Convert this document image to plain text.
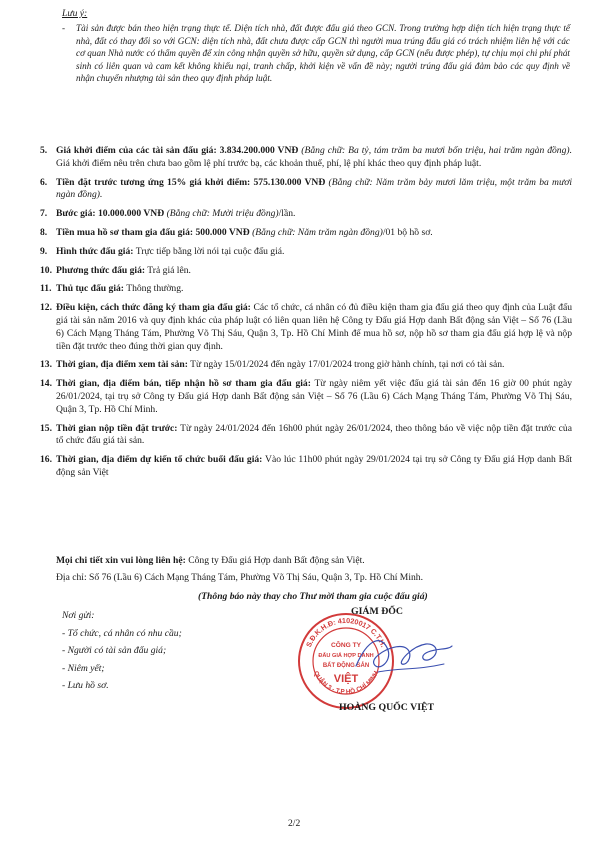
Lưu ý:
-	Tài sản được bán theo hiện trạng thực tế. Diện tích nhà, đất được đấu giá theo GCN. Trong trường hợp diện tích hiện trạng thực tế nhà, đất có thay đổi so với GCN: diện tích nhà, đất chưa được cấp GCN thì người mua trúng đấu giá có trách nhiệm liên hệ với các cơ quan Nhà nước có thẩm quyền để xin công nhận quyền sở hữu, quyền sử dụng, cấp GCN (nếu được phép), tự chịu mọi chi phí phát sinh có liên quan và cam kết không khiếu nại, tranh chấp, khởi kiện về vấn đề này; người trúng đấu giá đảm bảo các quy định về nhận chuyển nhượng tài sản theo quy định pháp luật.
5. Giá khởi điểm của các tài sản đấu giá: 3.834.200.000 VNĐ (Bằng chữ: Ba tỷ, tám trăm ba mươi bốn triệu, hai trăm ngàn đồng). Giá khởi điểm nêu trên chưa bao gồm lệ phí trước bạ, các khoản thuế, phí, lệ phí khác theo quy định pháp luật.
6. Tiền đặt trước tương ứng 15% giá khởi điểm: 575.130.000 VNĐ (Bằng chữ: Năm trăm bảy mươi lăm triệu, một trăm ba mươi ngàn đồng).
7. Bước giá: 10.000.000 VNĐ (Bằng chữ: Mười triệu đồng)/lần.
8. Tiền mua hồ sơ tham gia đấu giá: 500.000 VNĐ (Bằng chữ: Năm trăm ngàn đồng)/01 bộ hồ sơ.
9. Hình thức đấu giá: Trực tiếp bằng lời nói tại cuộc đấu giá.
10. Phương thức đấu giá: Trả giá lên.
11. Thủ tục đấu giá: Thông thường.
12. Điều kiện, cách thức đăng ký tham gia đấu giá: Các tổ chức, cá nhân có đủ điều kiện tham gia đấu giá theo quy định của Luật đấu giá tài sản năm 2016 và quy định khác của pháp luật có liên quan liên hệ Công ty Đấu giá Hợp danh Bất động sản Việt – Số 76 (Lầu 6) Cách Mạng Tháng Tám, Phường Võ Thị Sáu, Quận 3, Tp. Hồ Chí Minh để mua hồ sơ, nộp hồ sơ tham gia đấu giá hợp lệ và nộp tiền đặt trước theo đúng thời gian quy định.
13. Thời gian, địa điểm xem tài sản: Từ ngày 15/01/2024 đến ngày 17/01/2024 trong giờ hành chính, tại nơi có tài sản.
14. Thời gian, địa điểm bán, tiếp nhận hồ sơ tham gia đấu giá: Từ ngày niêm yết việc đấu giá tài sản đến 16 giờ 00 phút ngày 26/01/2024, tại trụ sở Công ty Đấu giá Hợp danh Bất động sản Việt – Số 76 (Lầu 6) Cách Mạng Tháng Tám, Phường Võ Thị Sáu, Quận 3, Tp. Hồ Chí Minh.
15. Thời gian nộp tiền đặt trước: Từ ngày 24/01/2024 đến 16h00 phút ngày 26/01/2024, theo thông báo về việc nộp tiền đặt trước của tổ chức đấu giá tài sản.
16. Thời gian, địa điểm dự kiến tổ chức buổi đấu giá: Vào lúc 11h00 phút ngày 29/01/2024 tại trụ sở Công ty Đấu giá Hợp danh Bất động sản Việt
Mọi chi tiết xin vui lòng liên hệ: Công ty Đấu giá Hợp danh Bất động sản Việt.
Địa chỉ: Số 76 (Lầu 6) Cách Mạng Tháng Tám, Phường Võ Thị Sáu, Quận 3, Tp. Hồ Chí Minh.
(Thông báo này thay cho Thư mời tham gia cuộc đấu giá)
Nơi gửi:
- Tổ chức, cá nhân có nhu cầu;
- Người có tài sản đấu giá;
- Niêm yết;
- Lưu hồ sơ.
S.Đ.K.H.Đ: 41020017 C.T.H.
QUẬN 3 - T.P HỒ CHÍ MINH
CÔNG TY
ĐẤU GIÁ HỢP DANH
BẤT ĐỘNG SẢN
VIỆT
GIÁM ĐỐC
HOÀNG QUỐC VIỆT
2/2
